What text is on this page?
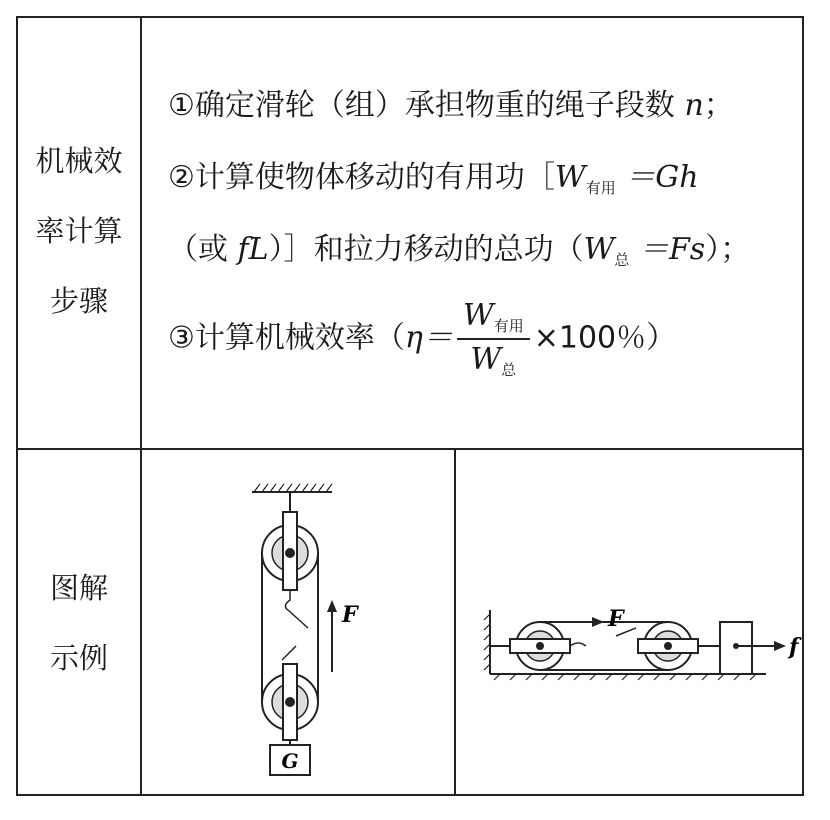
机械效
率计算
步骤
①确定滑轮（组）承担物重的绳子段数 n；
②计算使物体移动的有用功$[W_{有用} =Gh$
（或 fL）］和拉力移动的总功$(W_总 =Fs)$；
③计算机械效率（$\eta= \frac{W_{有用}}{W_总} \times 100$％）
图解
示例
G
F	F
f
